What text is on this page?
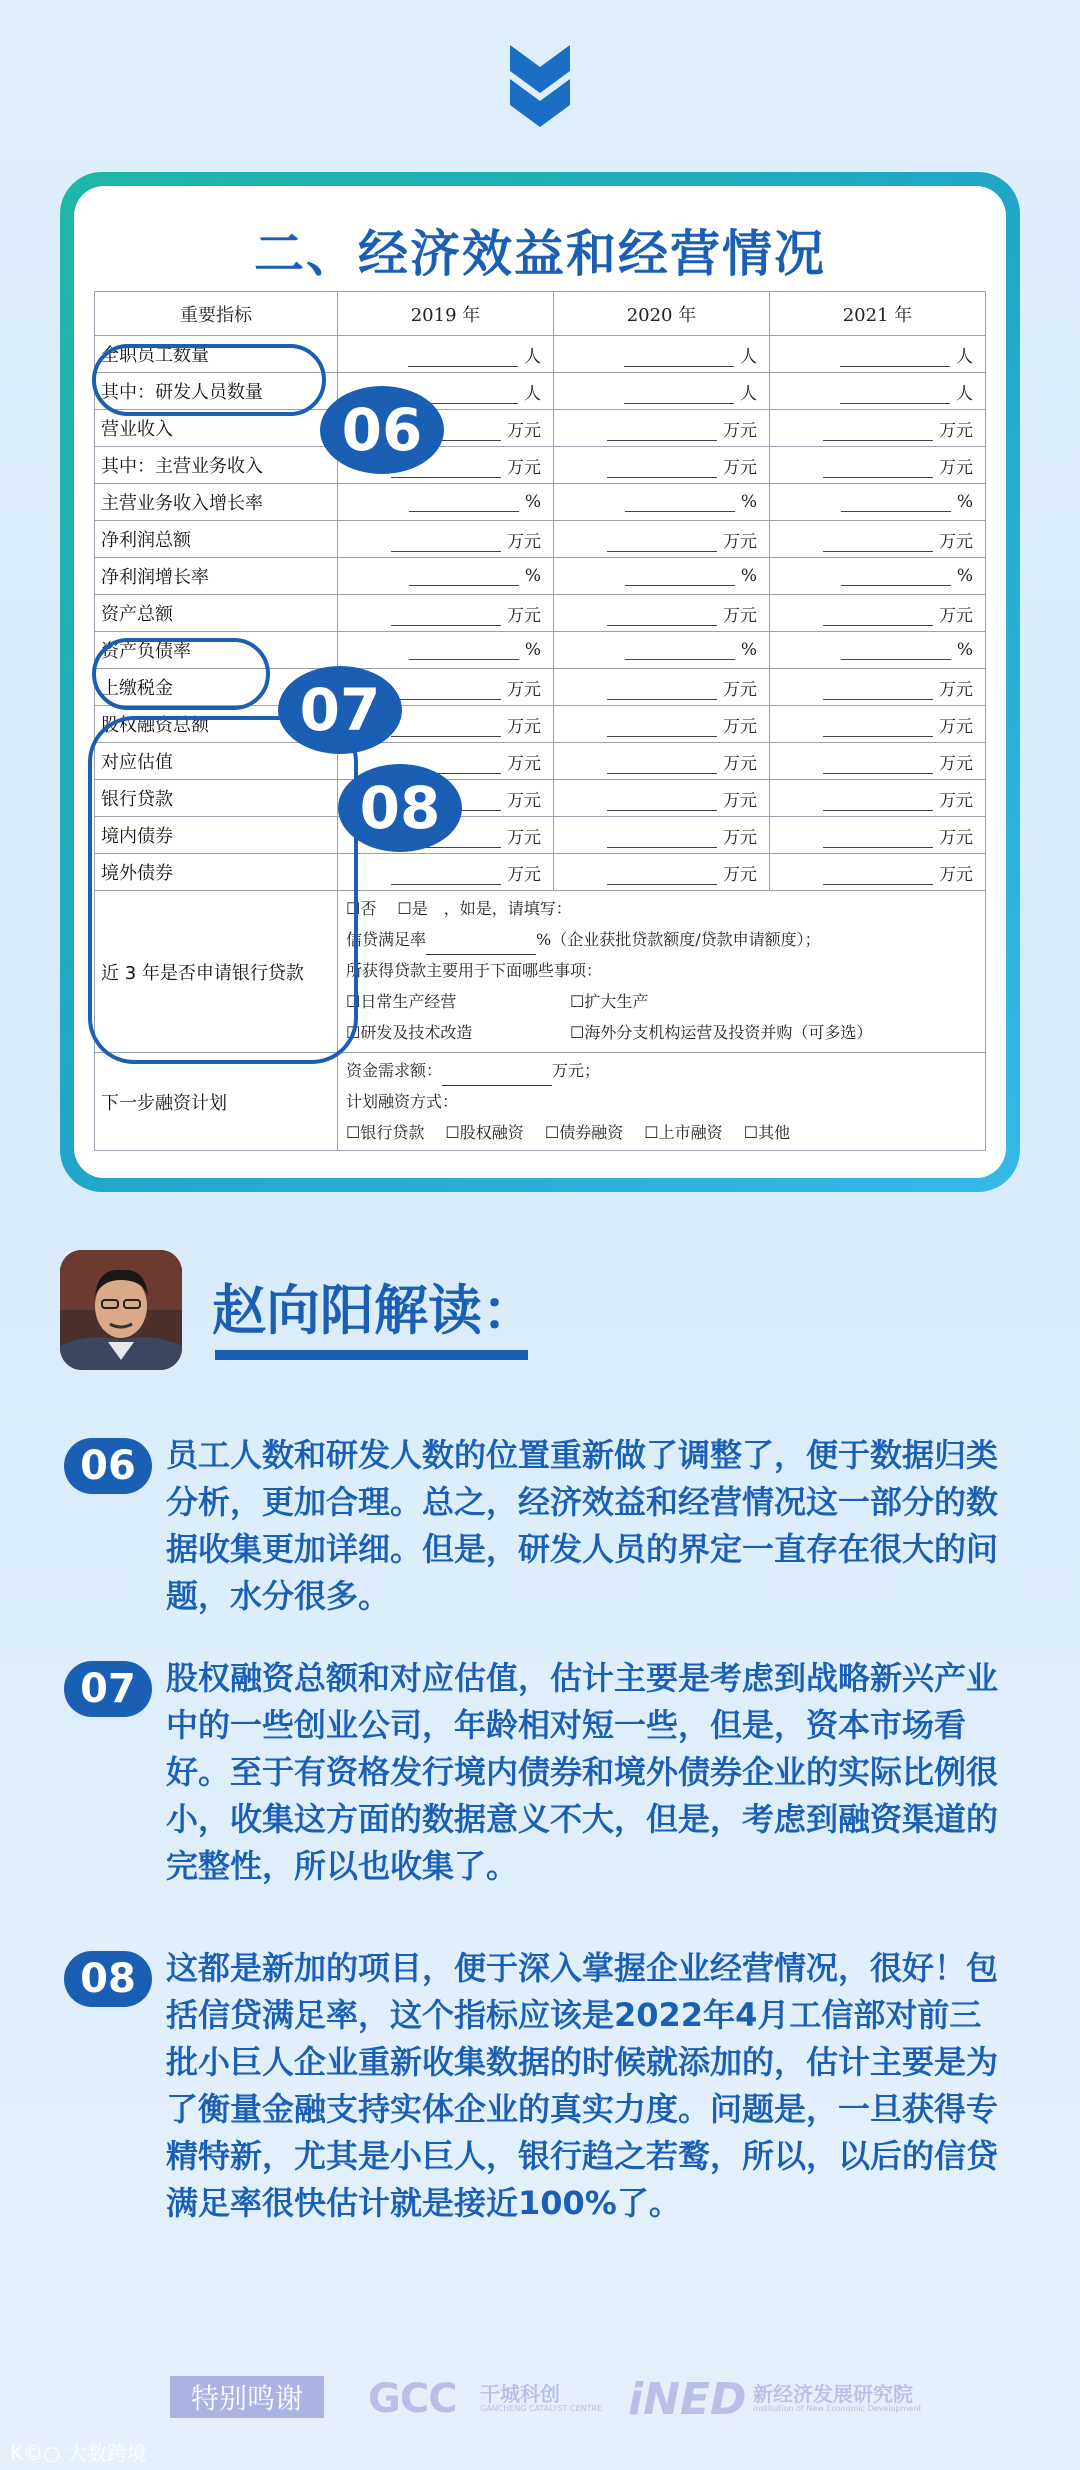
二、经济效益和经营情况
重要指标	2019 年	2020 年	2021 年
全职员工数量	人	人	人
其中：研发人员数量	人	人	人
营业收入	万元	万元	万元
其中：主营业务收入	万元	万元	万元
主营业务收入增长率	%	%	%
净利润总额	万元	万元	万元
净利润增长率	%	%	%
资产总额	万元	万元	万元
资产负债率	%	%	%
上缴税金	万元	万元	万元
股权融资总额	万元	万元	万元
对应估值	万元	万元	万元
银行贷款	万元	万元	万元
境内债券	万元	万元	万元
境外债券	万元	万元	万元
近 3 年是否申请银行贷款	☐否　 ☐是　，如是，请填写：
信贷满足率 %（企业获批贷款额度/贷款申请额度）；
所获得贷款主要用于下面哪些事项：
☐日常生产经营 ☐扩大生产
☐研发及技术改造 ☐海外分支机构运营及投资并购（可多选）		

下一步融资计划	资金需求额： 万元；
计划融资方式：
☐银行贷款　 ☐股权融资　 ☐债券融资　 ☐上市融资　 ☐其他		
06
07
08
赵向阳解读：
06 员工人数和研发人数的位置重新做了调整了，便于数据归类分析，更加合理。总之，经济效益和经营情况这一部分的数据收集更加详细。但是，研发人员的界定一直存在很大的问题，水分很多。
07 股权融资总额和对应估值，估计主要是考虑到战略新兴产业中的一些创业公司，年龄相对短一些，但是，资本市场看好。至于有资格发行境内债券和境外债券企业的实际比例很小，收集这方面的数据意义不大，但是，考虑到融资渠道的完整性，所以也收集了。
08 这都是新加的项目，便于深入掌握企业经营情况，很好！包括信贷满足率，这个指标应该是2022年4月工信部对前三批小巨人企业重新收集数据的时候就添加的，估计主要是为了衡量金融支持实体企业的真实力度。问题是，一旦获得专精特新，尤其是小巨人，银行趋之若鹜，所以，以后的信贷满足率很快估计就是接近100%了。
特别鸣谢	GCC 干城科创
GANCHENG CATALYST CENTRE iNED 新经济发展研究院
Institution of New Economic Development
K©○ 大数跨境
